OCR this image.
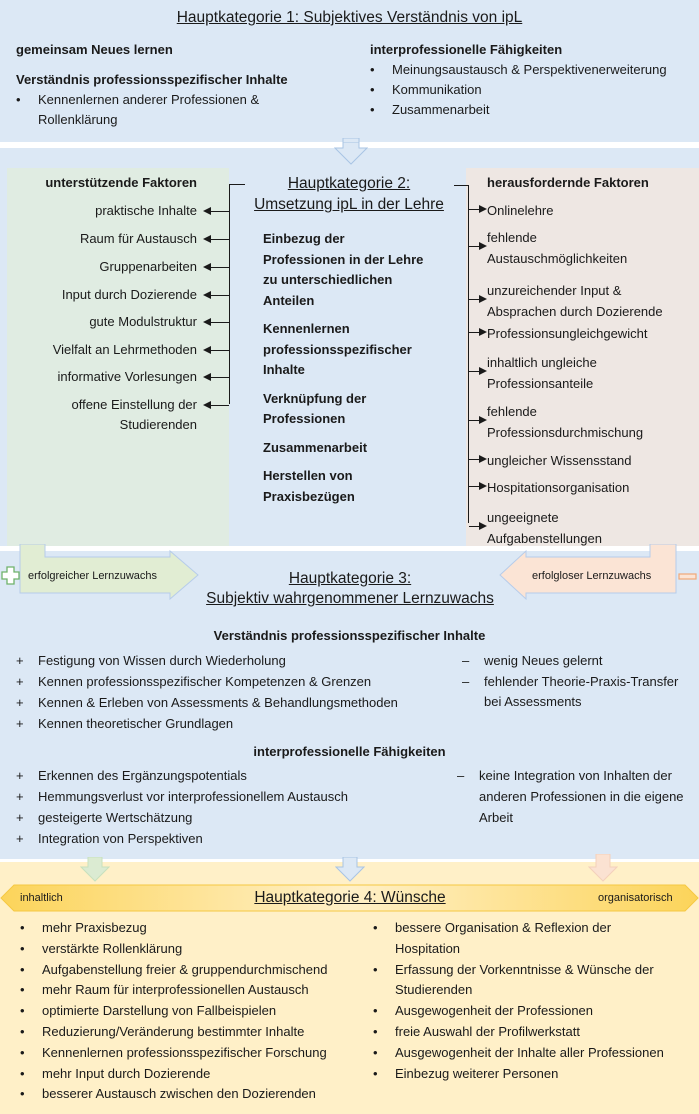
Hauptkategorie 1: Subjektives Verständnis von ipL
gemeinsam Neues lernen
Verständnis professionsspezifischer Inhalte
• Kennenlernen anderer Professionen &
Rollenklärung
interprofessionelle Fähigkeiten
• Meinungsaustausch & Perspektivenerweiterung
• Kommunikation
• Zusammenarbeit
Hauptkategorie 2:
Umsetzung ipL in der Lehre
Einbezug der
Professionen in der Lehre
zu unterschiedlichen
Anteilen
Kennenlernen
professionsspezifischer
Inhalte
Verknüpfung der
Professionen
Zusammenarbeit
Herstellen von
Praxisbezügen
unterstützende Faktoren
praktische Inhalte
Raum für Austausch
Gruppenarbeiten
Input durch Dozierende
gute Modulstruktur
Vielfalt an Lehrmethoden
informative Vorlesungen
offene Einstellung der
Studierenden
herausfordernde Faktoren
Onlinelehre
fehlende
Austauschmöglichkeiten
unzureichender Input &
Absprachen durch Dozierende
Professionsungleichgewicht
inhaltlich ungleiche
Professionsanteile
fehlende
Professionsdurchmischung
ungleicher Wissensstand
Hospitationsorganisation
ungeeignete
Aufgabenstellungen
erfolgreicher Lernzuwachs	erfolgloser Lernzuwachs
Hauptkategorie 3:
Subjektiv wahrgenommener Lernzuwachs
Verständnis professionsspezifischer Inhalte
+ Festigung von Wissen durch Wiederholung
+ Kennen professionsspezifischer Kompetenzen & Grenzen
+ Kennen & Erleben von Assessments & Behandlungsmethoden
+ Kennen theoretischer Grundlagen
– wenig Neues gelernt
– fehlender Theorie-Praxis-Transfer
bei Assessments
interprofessionelle Fähigkeiten
+ Erkennen des Ergänzungspotentials
+ Hemmungsverlust vor interprofessionellem Austausch
+ gesteigerte Wertschätzung
+ Integration von Perspektiven
– keine Integration von Inhalten der
anderen Professionen in die eigene
Arbeit
inhaltlich	organisatorisch
Hauptkategorie 4: Wünsche
• mehr Praxisbezug
• verstärkte Rollenklärung
• Aufgabenstellung freier & gruppendurchmischend
• mehr Raum für interprofessionellen Austausch
• optimierte Darstellung von Fallbeispielen
• Reduzierung/Veränderung bestimmter Inhalte
• Kennenlernen professionsspezifischer Forschung
• mehr Input durch Dozierende
• besserer Austausch zwischen den Dozierenden
• bessere Organisation & Reflexion der
Hospitation
• Erfassung der Vorkenntnisse & Wünsche der
Studierenden
• Ausgewogenheit der Professionen
• freie Auswahl der Profilwerkstatt
• Ausgewogenheit der Inhalte aller Professionen
• Einbezug weiterer Personen
